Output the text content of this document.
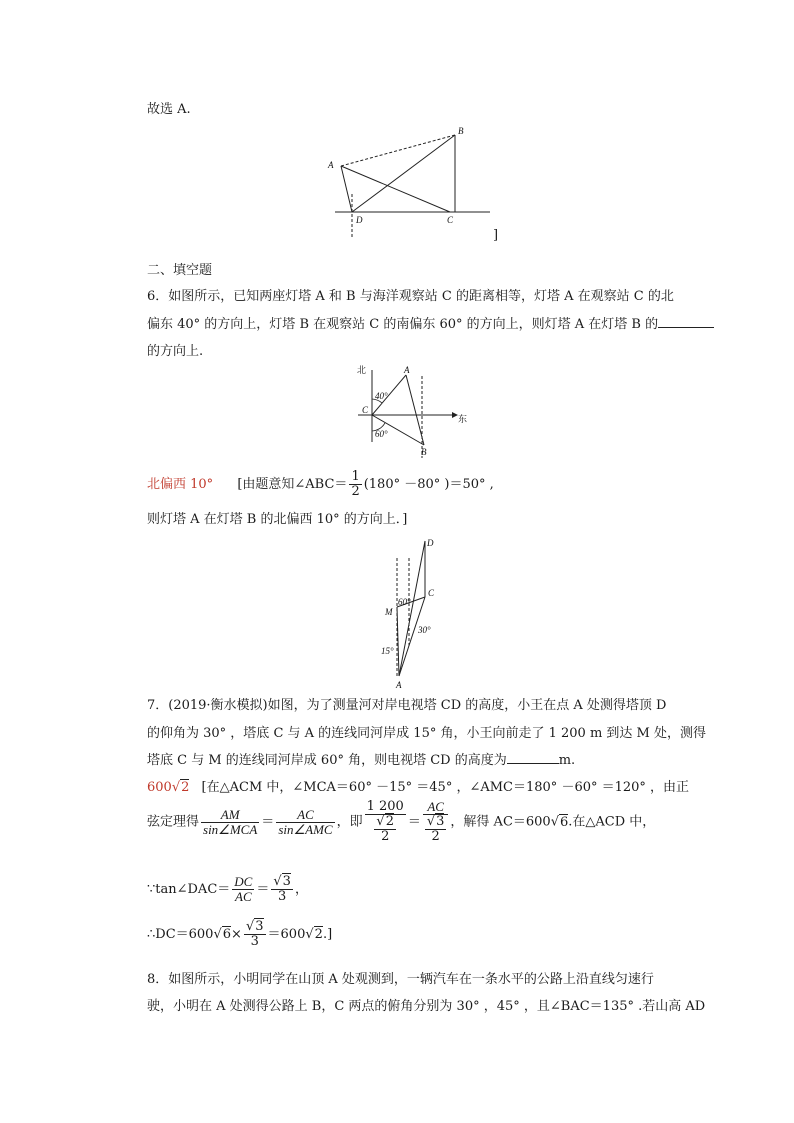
故选 A.
A
B
D	C
]
二、填空题
6．如图所示，已知两座灯塔 A 和 B 与海洋观察站 C 的距离相等，灯塔 A 在观察站 C 的北
偏东 40° 的方向上，灯塔 B 在观察站 C 的南偏东 60° 的方向上，则灯塔 A 在灯塔 B 的
的方向上.
北
东
A
B
C
40°
60°
北偏西 10° [由题意知∠ABC＝ $\frac{1}{2} (180^\circ -80^\circ$ )＝50° ,
则灯塔 A 在灯塔 B 的北偏西 10° 的方向上．]
D
C
M
A
60°
30°
15°
7．(2019·衡水模拟)如图，为了测量河对岸电视塔 CD 的高度，小王在点 A 处测得塔顶 D
的仰角为 30° ，塔底 C 与 A 的连线同河岸成 15° 角，小王向前走了 1 200 m 到达 M 处，测得
塔底 C 与 M 的连线同河岸成 60° 角，则电视塔 CD 的高度为	m.
600√2 [在△ACM 中，∠MCA＝60° －15° ＝45° ，∠AMC＝180° －60° ＝120° ，由正
弦定理得 $\frac{AM}{\text{sin∠MCA}} = \frac{AC}{\text{sin∠AMC}}$ ，即 $\frac{1 200}{\frac{√2}{2}} = \frac{AC}{\frac{√3}{2}}$ ，解得 AC＝600√6.在△ACD 中，
∵tan∠DAC＝ $\frac{DC}{AC} = \frac{√3}{3}$ ，
∴DC＝600√6× $\frac{√3}{3} =600√2$.]
8．如图所示，小明同学在山顶 A 处观测到，一辆汽车在一条水平的公路上沿直线匀速行
驶，小明在 A 处测得公路上 B，C 两点的俯角分别为 30° ，45° ，且∠BAC＝135° .若山高 AD
